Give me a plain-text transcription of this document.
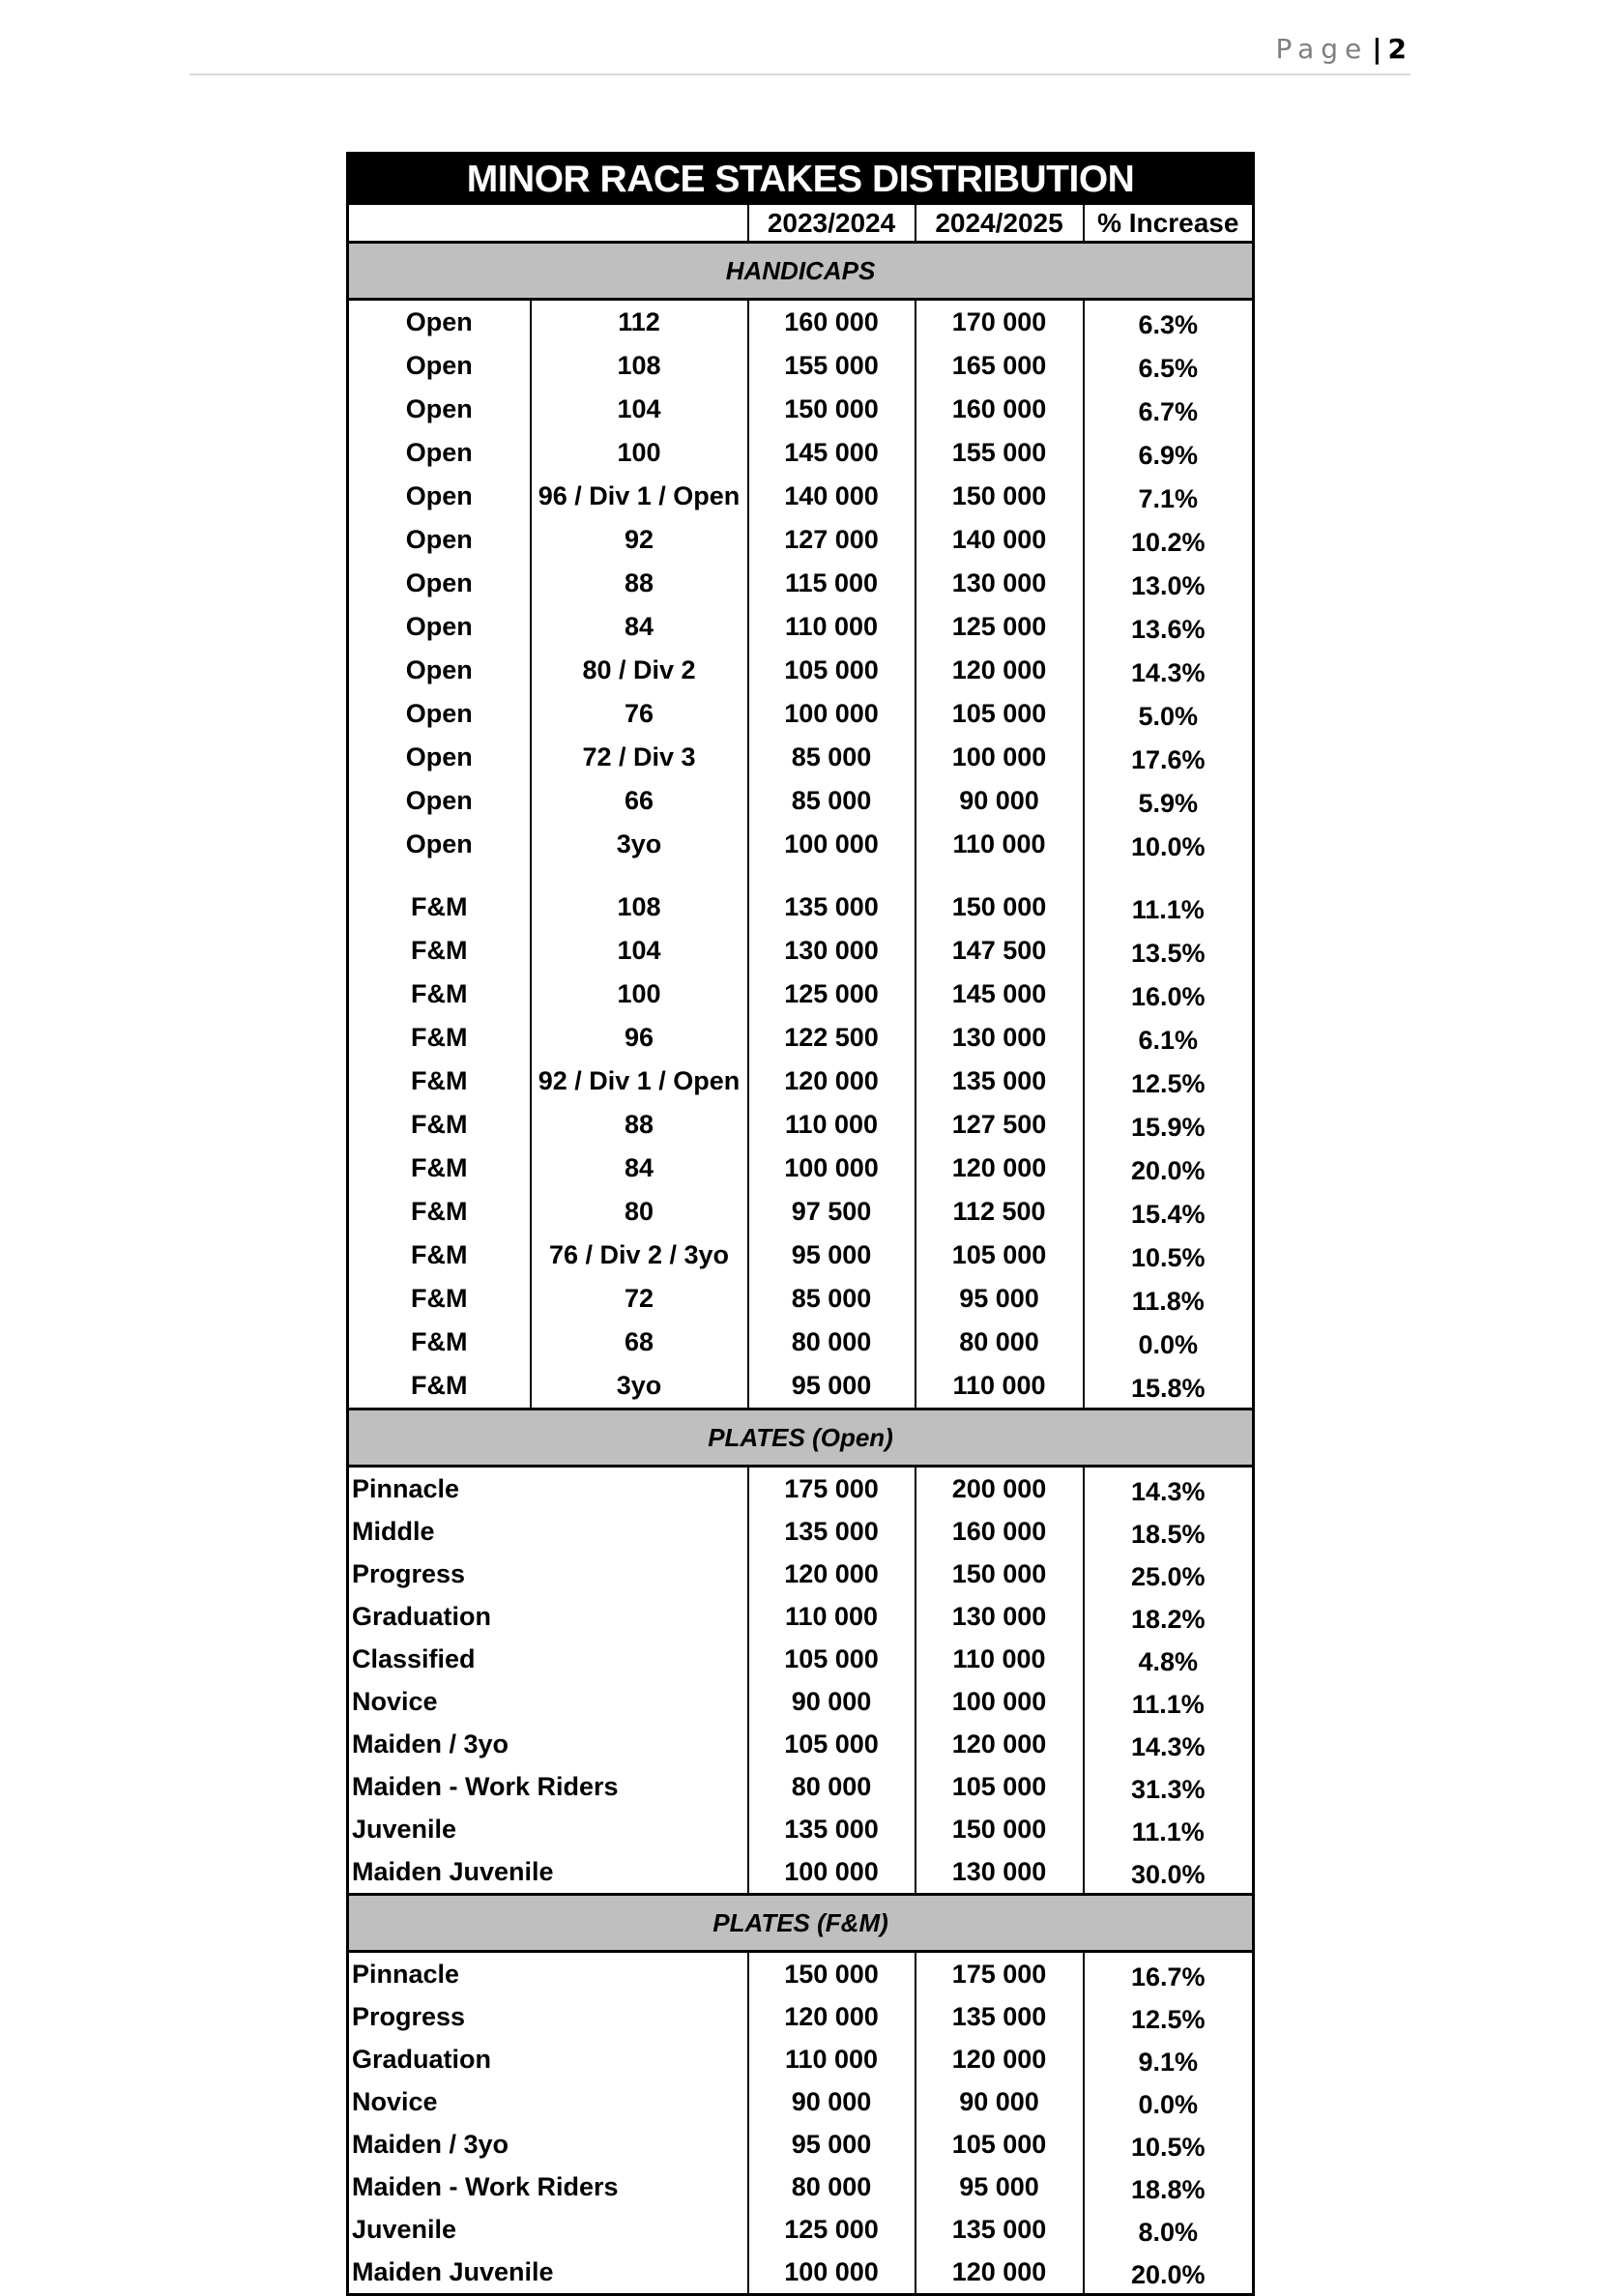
Page | 2
MINOR RACE STAKES DISTRIBUTION				
		2023/2024	2024/2025	% Increase
HANDICAPS				
Open	112	160 000	170 000	6.3%
Open	108	155 000	165 000	6.5%
Open	104	150 000	160 000	6.7%
Open	100	145 000	155 000	6.9%
Open	96 / Div 1 / Open	140 000	150 000	7.1%
Open	92	127 000	140 000	10.2%
Open	88	115 000	130 000	13.0%
Open	84	110 000	125 000	13.6%
Open	80 / Div 2	105 000	120 000	14.3%
Open	76	100 000	105 000	5.0%
Open	72 / Div 3	85 000	100 000	17.6%
Open	66	85 000	90 000	5.9%
Open	3yo	100 000	110 000	10.0%

F&M	108	135 000	150 000	11.1%
F&M	104	130 000	147 500	13.5%
F&M	100	125 000	145 000	16.0%
F&M	96	122 500	130 000	6.1%
F&M	92 / Div 1 / Open	120 000	135 000	12.5%
F&M	88	110 000	127 500	15.9%
F&M	84	100 000	120 000	20.0%
F&M	80	97 500	112 500	15.4%
F&M	76 / Div 2 / 3yo	95 000	105 000	10.5%
F&M	72	85 000	95 000	11.8%
F&M	68	80 000	80 000	0.0%
F&M	3yo	95 000	110 000	15.8%
PLATES (Open)				
Pinnacle		175 000	200 000	14.3%
Middle		135 000	160 000	18.5%
Progress		120 000	150 000	25.0%
Graduation		110 000	130 000	18.2%
Classified		105 000	110 000	4.8%
Novice		90 000	100 000	11.1%
Maiden / 3yo		105 000	120 000	14.3%
Maiden - Work Riders		80 000	105 000	31.3%
Juvenile		135 000	150 000	11.1%
Maiden Juvenile		100 000	130 000	30.0%
PLATES (F&M)				
Pinnacle		150 000	175 000	16.7%
Progress		120 000	135 000	12.5%
Graduation		110 000	120 000	9.1%
Novice		90 000	90 000	0.0%
Maiden / 3yo		95 000	105 000	10.5%
Maiden - Work Riders		80 000	95 000	18.8%
Juvenile		125 000	135 000	8.0%
Maiden Juvenile		100 000	120 000	20.0%
